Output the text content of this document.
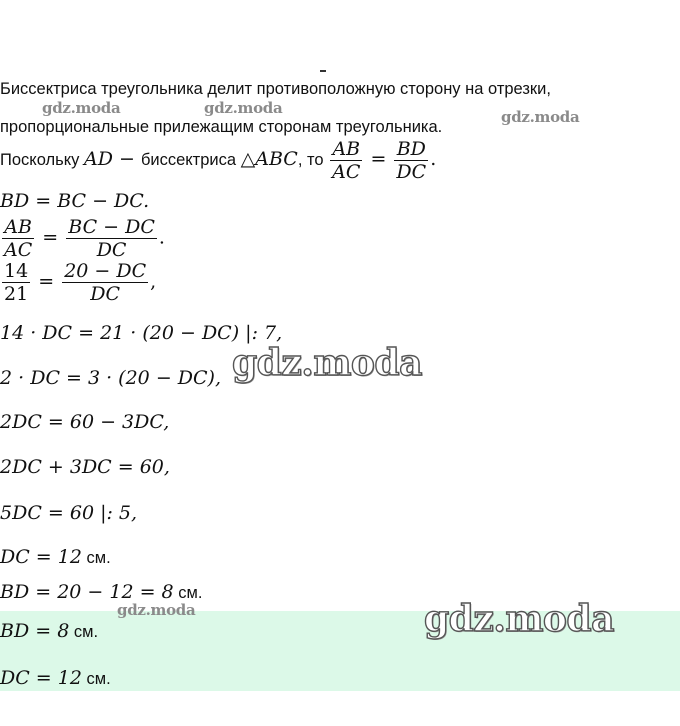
Биссектриса треугольника делит противоположную сторону на отрезки,
пропорциональные прилежащим сторонам треугольника.
Поскольку AD − биссектриса △ABC, то $\frac{AB}{AC} = \frac{BD}{DC}$ .
BD = BC − DC.
$\frac{AB}{AC} = \frac{BC - DC}{DC}$ .
$\frac{14}{21} = \frac{20 - DC}{DC}$ ,
14 · DC = 21 · (20 − DC) |: 7,
2 · DC = 3 · (20 − DC),
2DC = 60 − 3DC,
2DC + 3DC = 60,
5DC = 60 |: 5,
DC = 12 см.
BD = 20 − 12 = 8 см.
BD = 8 см.
DC = 12 см.
gdz.moda	gdz.moda	gdz.moda
gdz.moda
gdz.moda
gdz.moda
